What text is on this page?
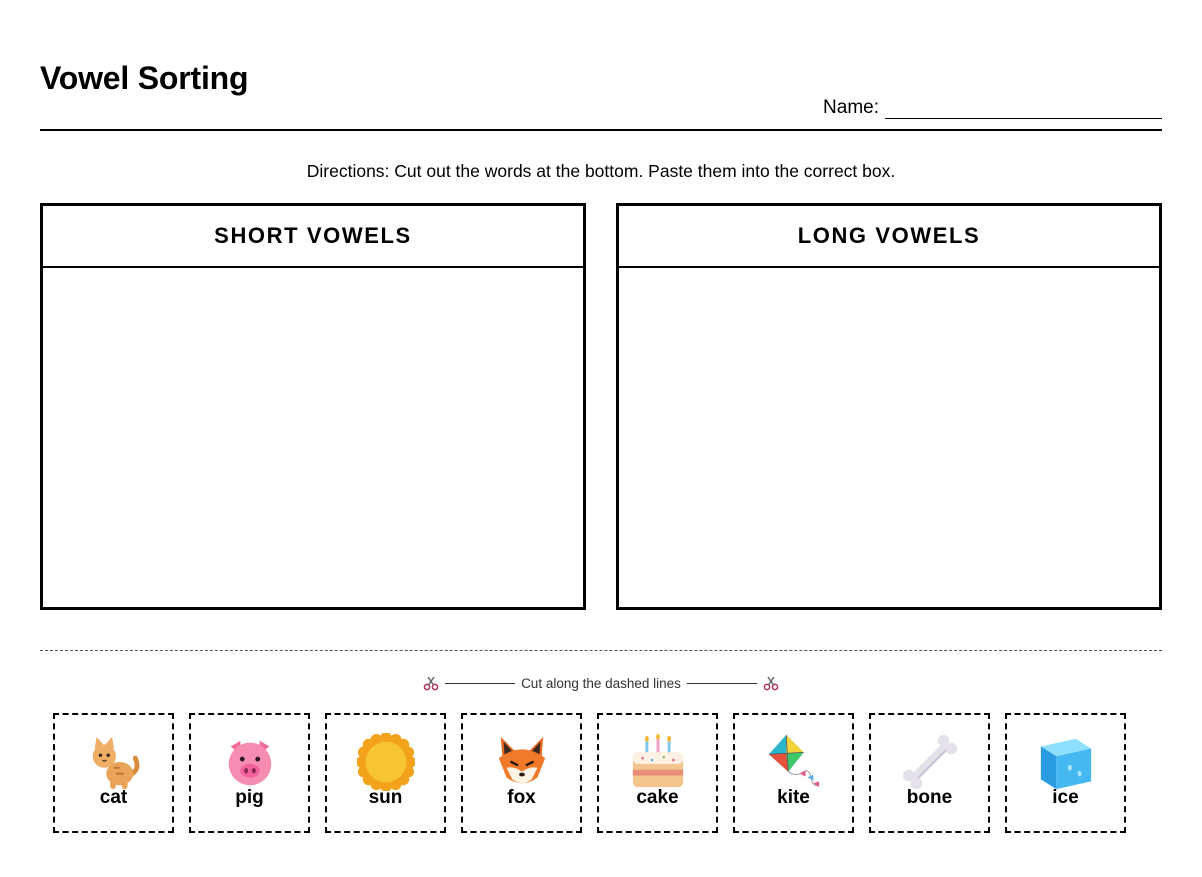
Vowel Sorting
Name:
Directions: Cut out the words at the bottom. Paste them into the correct box.
SHORT VOWELS	LONG VOWELS
Cut along the dashed lines
cat	pig	sun	fox	cake	kite	bone	ice
